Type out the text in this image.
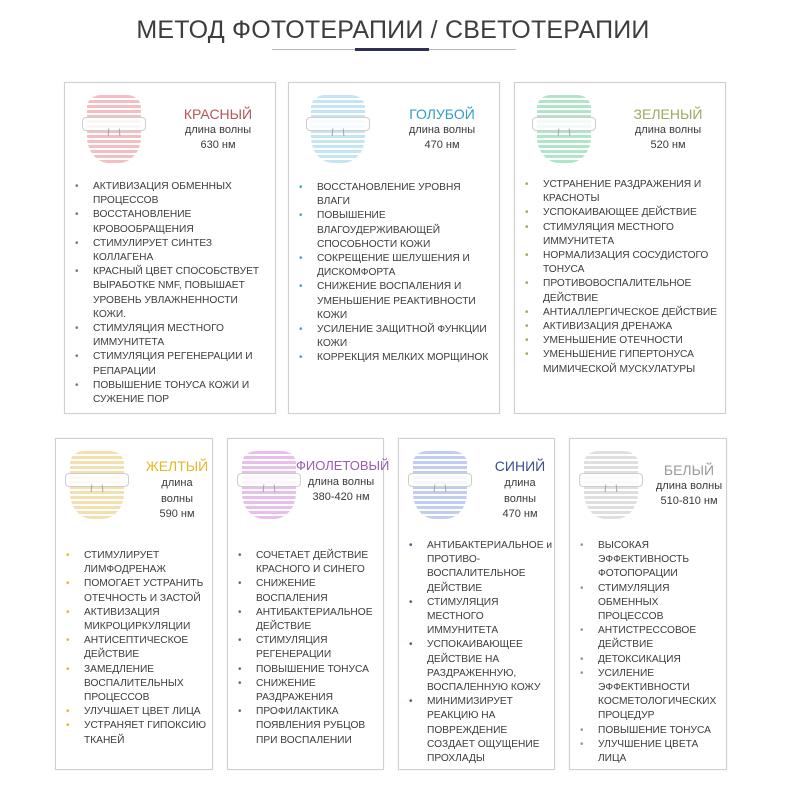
МЕТОД ФОТОТЕРАПИИ / СВЕТОТЕРАПИИ
КРАСНЫЙ
длина волны
630 нм
• АКТИВИЗАЦИЯ ОБМЕННЫХ ПРОЦЕССОВ
• ВОССТАНОВЛЕНИЕ КРОВООБРАЩЕНИЯ
• СТИМУЛИРУЕТ СИНТЕЗ КОЛЛАГЕНА
• КРАСНЫЙ ЦВЕТ СПОСОБСТВУЕТ ВЫРАБОТКЕ NMF, ПОВЫШАЕТ УРОВЕНЬ УВЛАЖНЕННОСТИ КОЖИ.
• СТИМУЛЯЦИЯ МЕСТНОГО ИММУНИТЕТА
• СТИМУЛЯЦИЯ РЕГЕНЕРАЦИИ И РЕПАРАЦИИ
• ПОВЫШЕНИЕ ТОНУСА КОЖИ И СУЖЕНИЕ ПОР
ГОЛУБОЙ
длина волны
470 нм
• ВОССТАНОВЛЕНИЕ УРОВНЯ ВЛАГИ
• ПОВЫШЕНИЕ ВЛАГОУДЕРЖИВАЮЩЕЙ СПОСОБНОСТИ КОЖИ
• СОКРЕЩЕНИЕ ШЕЛУШЕНИЯ И ДИСКОМФОРТА
• СНИЖЕНИЕ ВОСПАЛЕНИЯ И УМЕНЬШЕНИЕ РЕАКТИВНОСТИ КОЖИ
• УСИЛЕНИЕ ЗАЩИТНОЙ ФУНКЦИИ КОЖИ
• КОРРЕКЦИЯ МЕЛКИХ МОРЩИНОК
ЗЕЛЕНЫЙ
длина волны
520 нм
• УСТРАНЕНИЕ РАЗДРАЖЕНИЯ И КРАСНОТЫ
• УСПОКАИВАЮЩЕЕ ДЕЙСТВИЕ
• СТИМУЛЯЦИЯ МЕСТНОГО ИММУНИТЕТА
• НОРМАЛИЗАЦИЯ СОСУДИСТОГО ТОНУСА
• ПРОТИВОВОСПАЛИТЕЛЬНОЕ ДЕЙСТВИЕ
• АНТИАЛЛЕРГИЧЕСКОЕ ДЕЙСТВИЕ
• АКТИВИЗАЦИЯ ДРЕНАЖА
• УМЕНЬШЕНИЕ ОТЕЧНОСТИ
• УМЕНЬШЕНИЕ ГИПЕРТОНУСА МИМИЧЕСКОЙ МУСКУЛАТУРЫ
ЖЕЛТЫЙ
длина волны
590 нм
• СТИМУЛИРУЕТ ЛИМФОДРЕНАЖ
• ПОМОГАЕТ УСТРАНИТЬ ОТЕЧНОСТЬ И ЗАСТОЙ
• АКТИВИЗАЦИЯ МИКРОЦИРКУЛЯЦИИ
• АНТИСЕПТИЧЕСКОЕ ДЕЙСТВИЕ
• ЗАМЕДЛЕНИЕ ВОСПАЛИТЕЛЬНЫХ ПРОЦЕССОВ
• УЛУЧШАЕТ ЦВЕТ ЛИЦА
• УСТРАНЯЕТ ГИПОКСИЮ ТКАНЕЙ
ФИОЛЕТОВЫЙ
длина волны
380-420 нм
• СОЧЕТАЕТ ДЕЙСТВИЕ КРАСНОГО И СИНЕГО
• СНИЖЕНИЕ ВОСПАЛЕНИЯ
• АНТИБАКТЕРИАЛЬНОЕ ДЕЙСТВИЕ
• СТИМУЛЯЦИЯ РЕГЕНЕРАЦИИ
• ПОВЫШЕНИЕ ТОНУСА
• СНИЖЕНИЕ РАЗДРАЖЕНИЯ
• ПРОФИЛАКТИКА ПОЯВЛЕНИЯ РУБЦОВ ПРИ ВОСПАЛЕНИИ
СИНИЙ
длина волны
470 нм
• АНТИБАКТЕРИАЛЬНОЕ и ПРОТИВО-ВОСПАЛИТЕЛЬНОЕ ДЕЙСТВИЕ
• СТИМУЛЯЦИЯ МЕСТНОГО ИММУНИТЕТА
• УСПОКАИВАЮЩЕЕ ДЕЙСТВИЕ НА РАЗДРАЖЕННУЮ, ВОСПАЛЕННУЮ КОЖУ
• МИНИМИЗИРУЕТ РЕАКЦИЮ НА ПОВРЕЖДЕНИЕ СОЗДАЕТ ОЩУЩЕНИЕ ПРОХЛАДЫ
БЕЛЫЙ
длина волны
510-810 нм
• ВЫСОКАЯ ЭФФЕКТИВНОСТЬ ФОТОПОРАЦИИ
• СТИМУЛЯЦИЯ ОБМЕННЫХ ПРОЦЕССОВ
• АНТИСТРЕССОВОЕ ДЕЙСТВИЕ
• ДЕТОКСИКАЦИЯ
• УСИЛЕНИЕ ЭФФЕКТИВНОСТИ КОСМЕТОЛОГИЧЕСКИХ ПРОЦЕДУР
• ПОВЫШЕНИЕ ТОНУСА
• УЛУЧШЕНИЕ ЦВЕТА ЛИЦА
